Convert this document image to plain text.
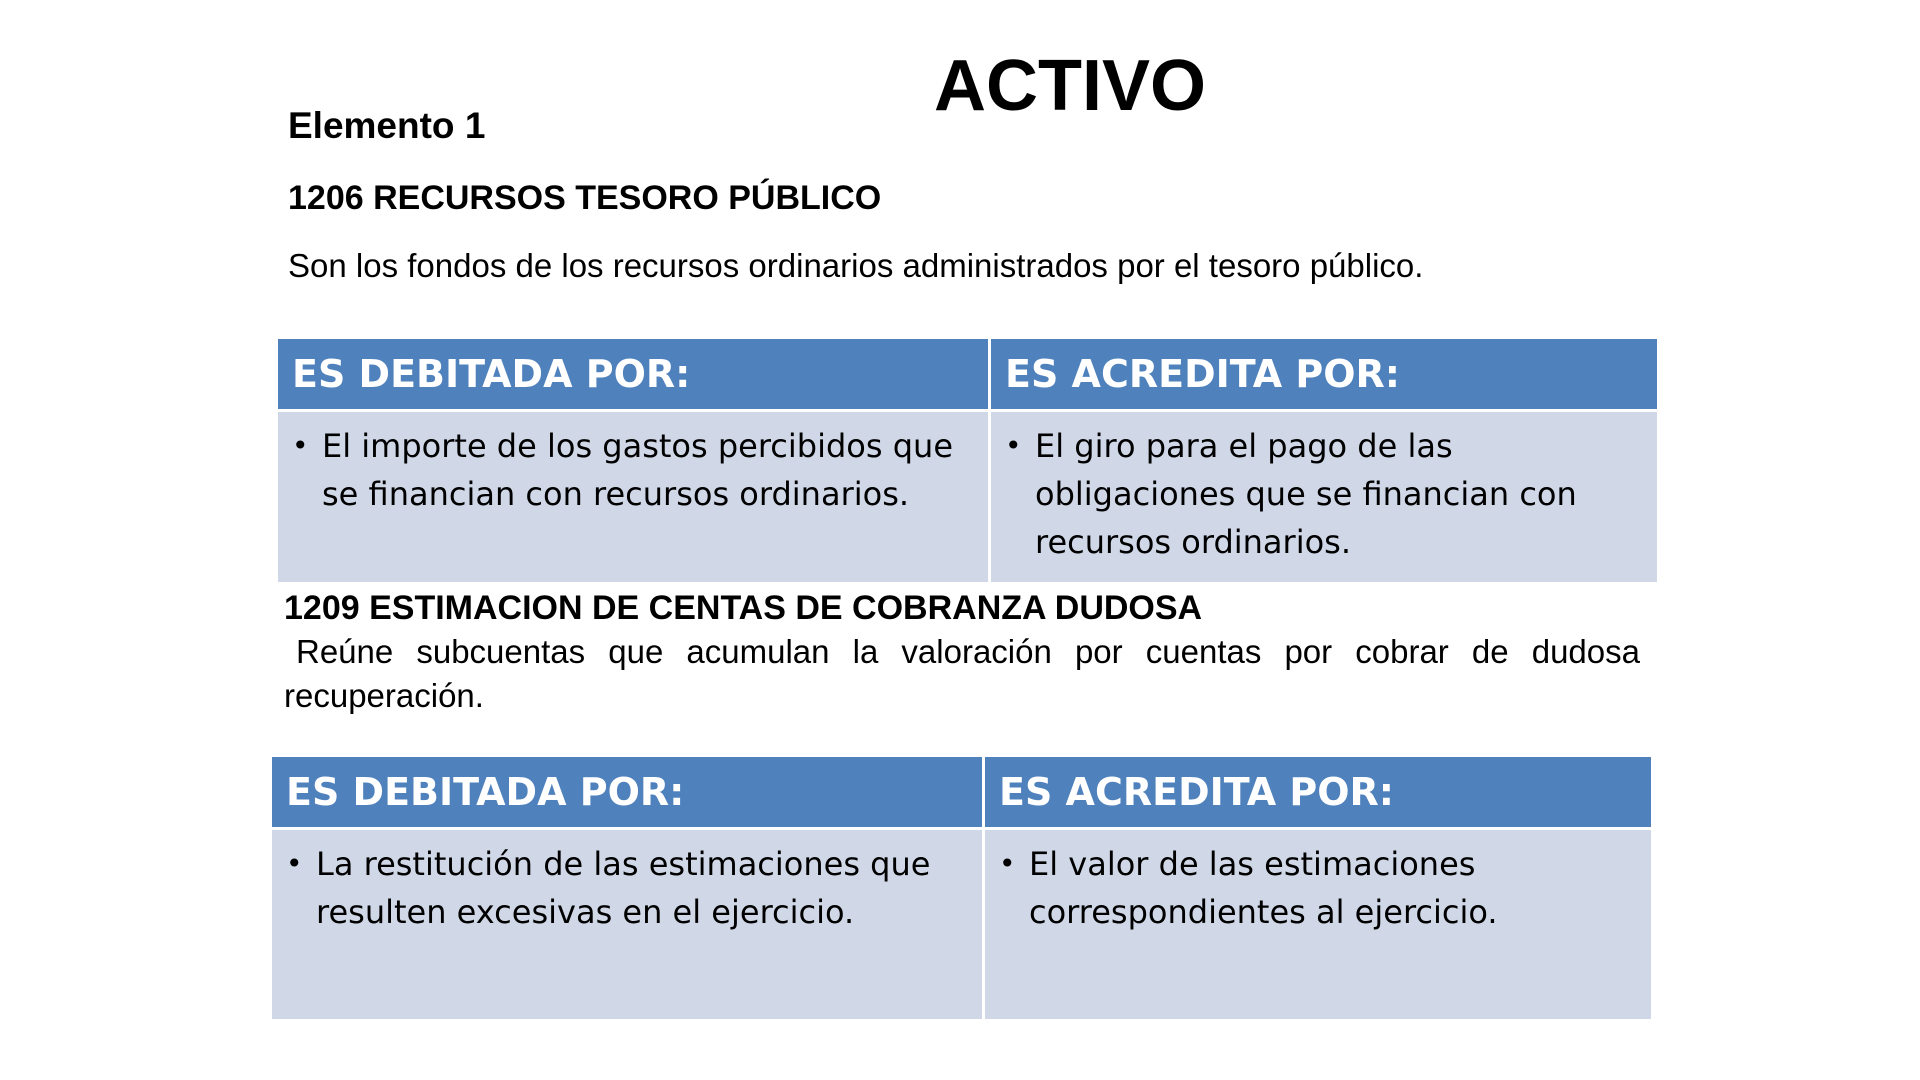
ACTIVO
Elemento 1
1206 RECURSOS TESORO PÚBLICO
Son los fondos de los recursos ordinarios administrados por el tesoro público.
ES DEBITADA POR:	ES ACREDITA POR:
• El importe de los gastos percibidos que se financian con recursos ordinarios.
• El giro para el pago de las obligaciones que se financian con recursos ordinarios.
1209 ESTIMACION DE CENTAS DE COBRANZA DUDOSA
Reúne subcuentas que acumulan la valoración por cuentas por cobrar de dudosa recuperación.
ES DEBITADA POR:	ES ACREDITA POR:
• La restitución de las estimaciones que resulten excesivas en el ejercicio.
• El valor de las estimaciones correspondientes al ejercicio.
